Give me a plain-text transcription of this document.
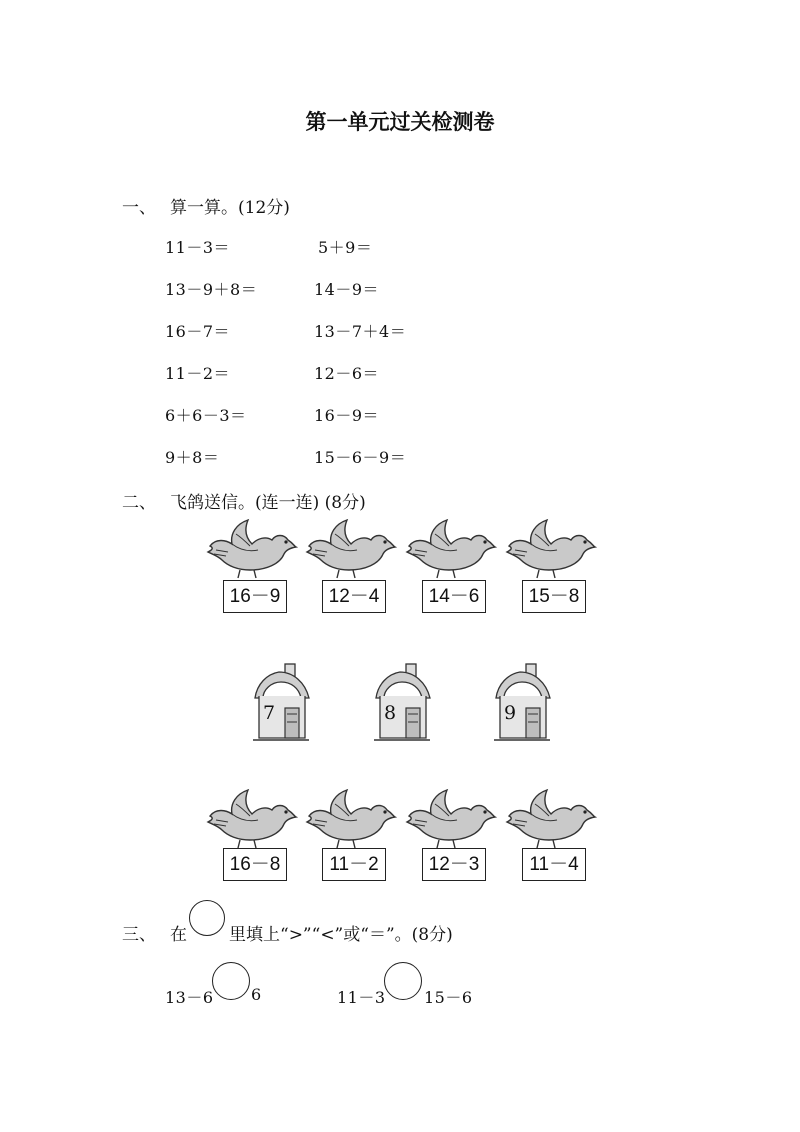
第一单元过关检测卷
一、 算一算。(12分)
11－3＝	5＋9＝
13－9＋8＝	14－9＝
16－7＝	13－7＋4＝
11－2＝	12－6＝
6＋6－3＝	16－9＝
9＋8＝	15－6－9＝
二、 飞鸽送信。(连一连) (8分)
16－9	12－4	14－6	15－8
7	8	9
16－8	11－2	12－3	11－4
三、 在 里填上“>”“<”或“＝”。(8分)
13－6 6	11－3 15－6
